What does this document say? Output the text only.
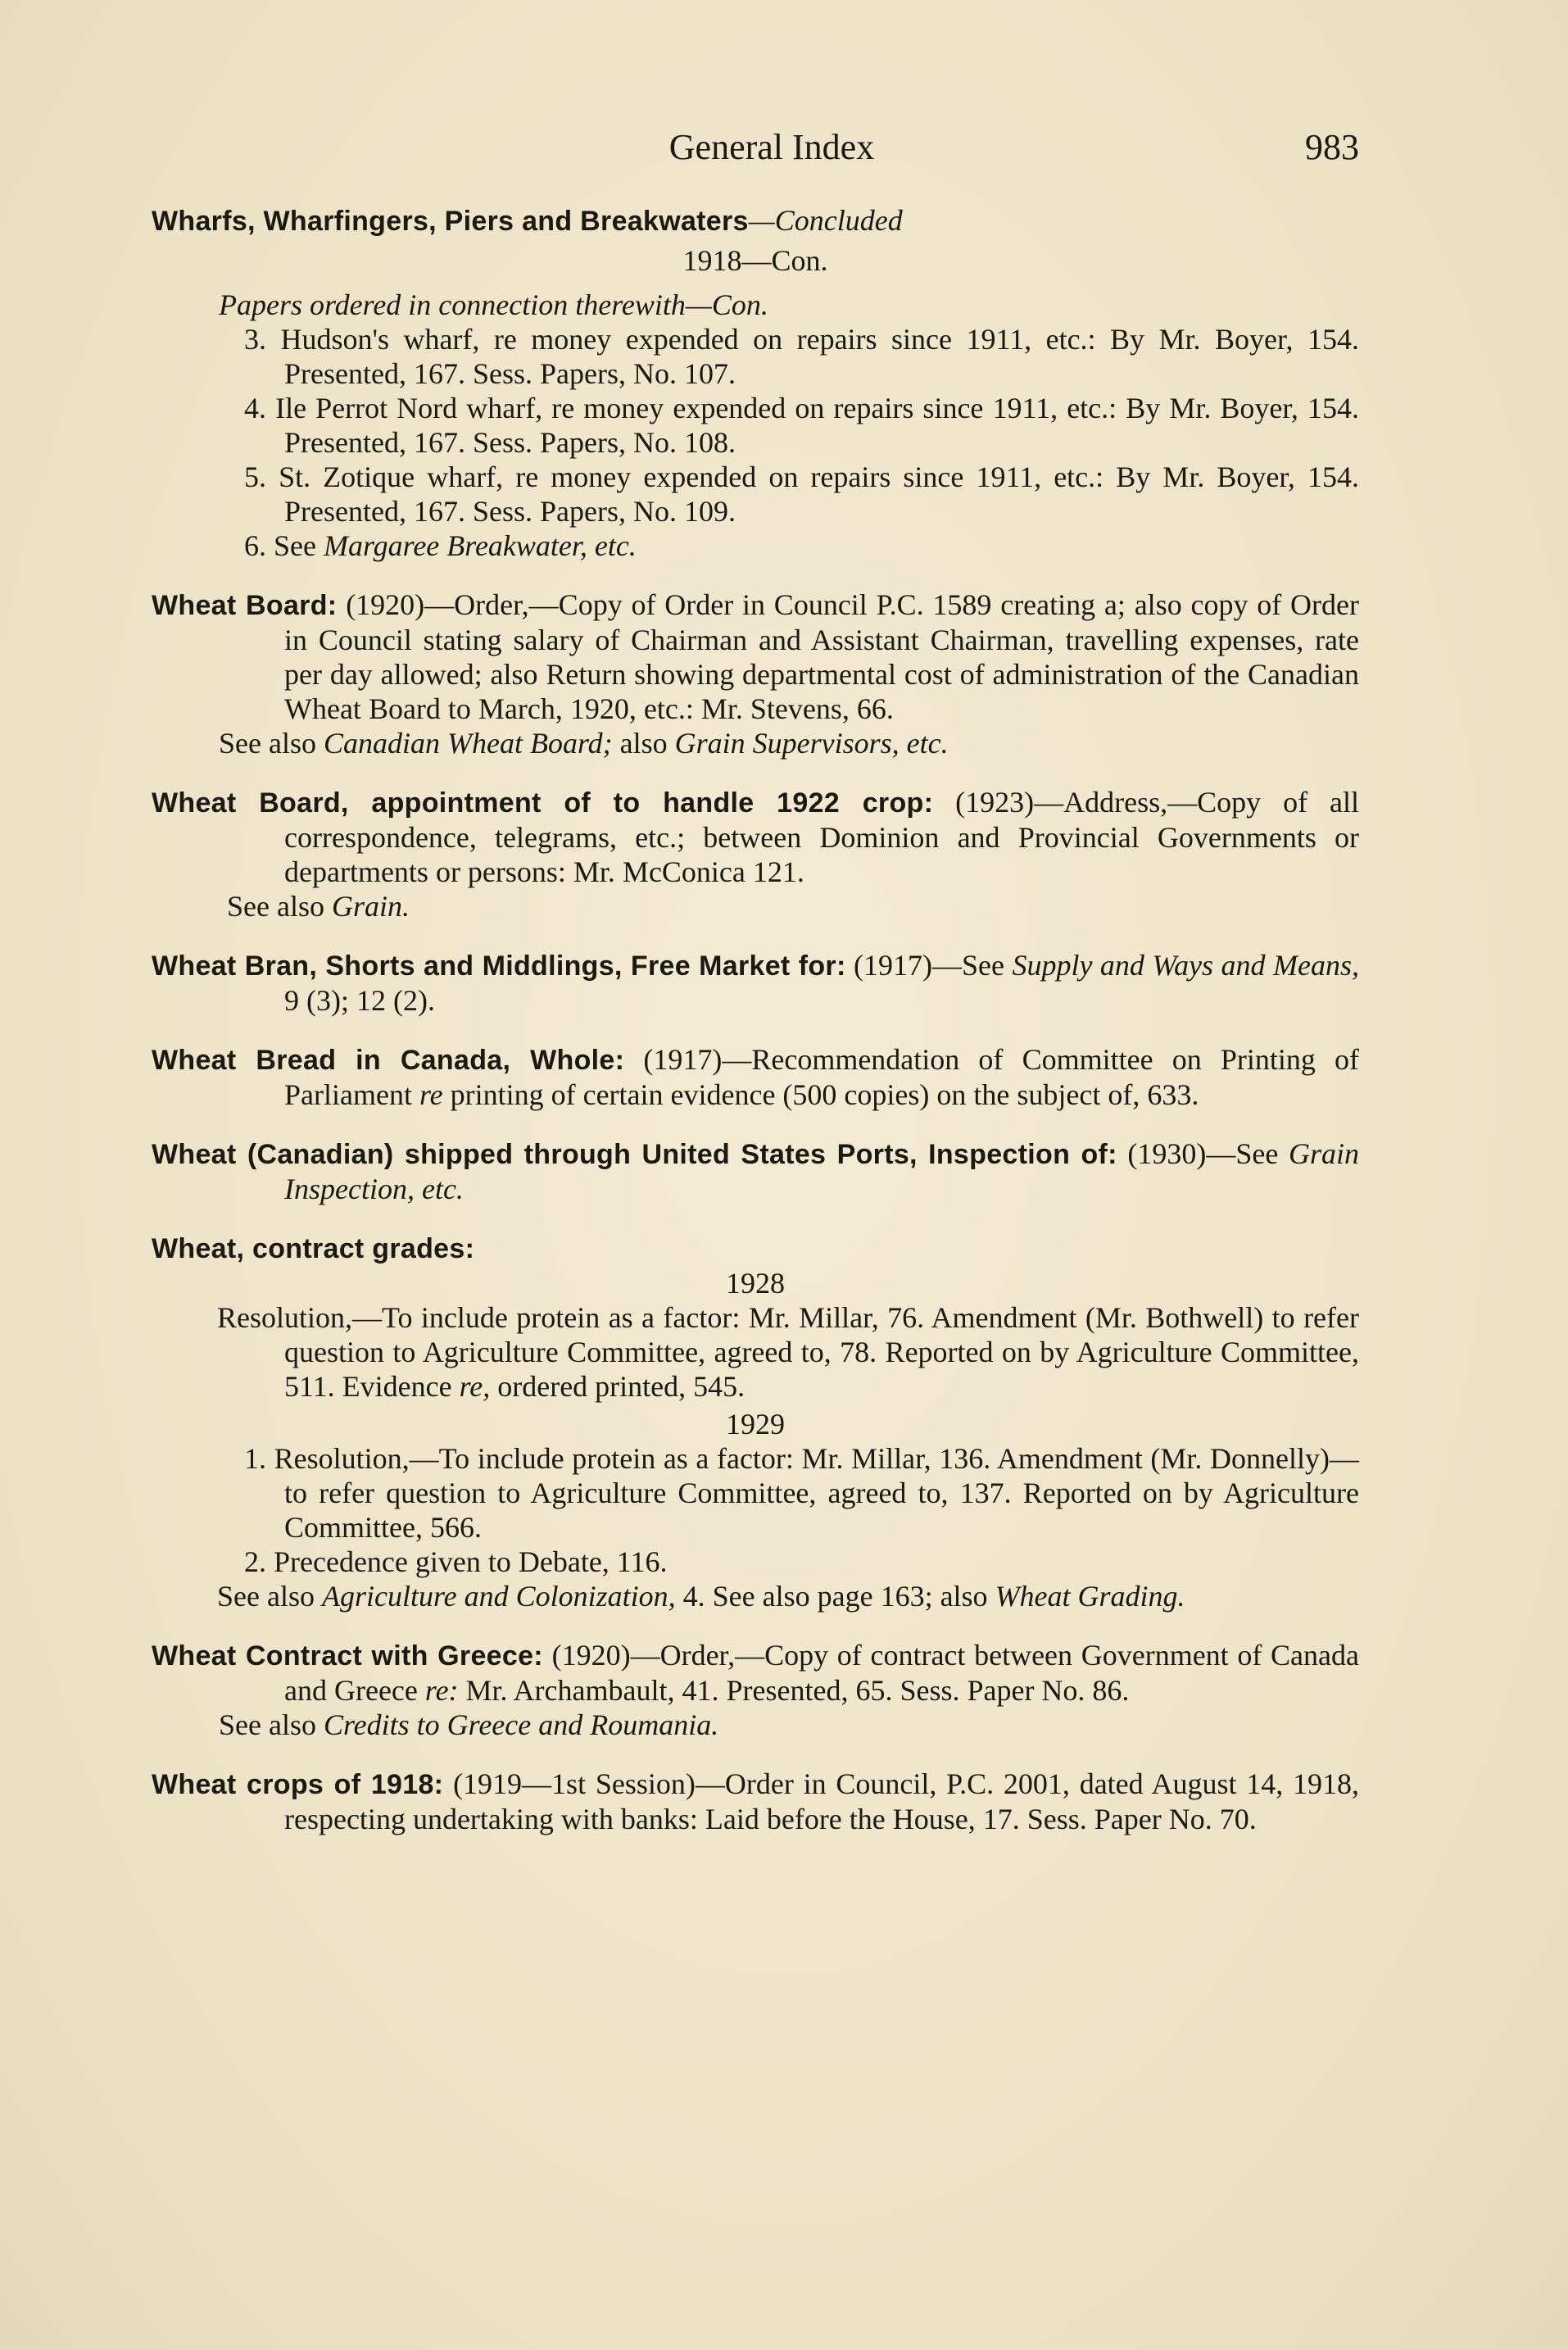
General Index	983
Wharfs, Wharfingers, Piers and Breakwaters—Concluded
1918—Con.
Papers ordered in connection therewith—Con.
3. Hudson's wharf, re money expended on repairs since 1911, etc.: By Mr. Boyer, 154. Presented, 167. Sess. Papers, No. 107.
4. Ile Perrot Nord wharf, re money expended on repairs since 1911, etc.: By Mr. Boyer, 154. Presented, 167. Sess. Papers, No. 108.
5. St. Zotique wharf, re money expended on repairs since 1911, etc.: By Mr. Boyer, 154. Presented, 167. Sess. Papers, No. 109.
6. See Margaree Breakwater, etc.
Wheat Board: (1920)—Order,—Copy of Order in Council P.C. 1589 creating a; also copy of Order in Council stating salary of Chairman and Assistant Chairman, travelling expenses, rate per day allowed; also Return showing departmental cost of administration of the Canadian Wheat Board to March, 1920, etc.: Mr. Stevens, 66.
See also Canadian Wheat Board; also Grain Supervisors, etc.
Wheat Board, appointment of to handle 1922 crop: (1923)—Address,—Copy of all correspondence, telegrams, etc.; between Dominion and Provincial Governments or departments or persons: Mr. McConica 121.
See also Grain.
Wheat Bran, Shorts and Middlings, Free Market for: (1917)—See Supply and Ways and Means, 9 (3); 12 (2).
Wheat Bread in Canada, Whole: (1917)—Recommendation of Committee on Printing of Parliament re printing of certain evidence (500 copies) on the subject of, 633.
Wheat (Canadian) shipped through United States Ports, Inspection of: (1930)—See Grain Inspection, etc.
Wheat, contract grades:
1928
Resolution,—To include protein as a factor: Mr. Millar, 76. Amendment (Mr. Bothwell) to refer question to Agriculture Committee, agreed to, 78. Reported on by Agriculture Committee, 511. Evidence re, ordered printed, 545.
1929
1. Resolution,—To include protein as a factor: Mr. Millar, 136. Amendment (Mr. Donnelly)—to refer question to Agriculture Committee, agreed to, 137. Reported on by Agriculture Committee, 566.
2. Precedence given to Debate, 116.
See also Agriculture and Colonization, 4. See also page 163; also Wheat Grading.
Wheat Contract with Greece: (1920)—Order,—Copy of contract between Government of Canada and Greece re: Mr. Archambault, 41. Presented, 65. Sess. Paper No. 86.
See also Credits to Greece and Roumania.
Wheat crops of 1918: (1919—1st Session)—Order in Council, P.C. 2001, dated August 14, 1918, respecting undertaking with banks: Laid before the House, 17. Sess. Paper No. 70.
